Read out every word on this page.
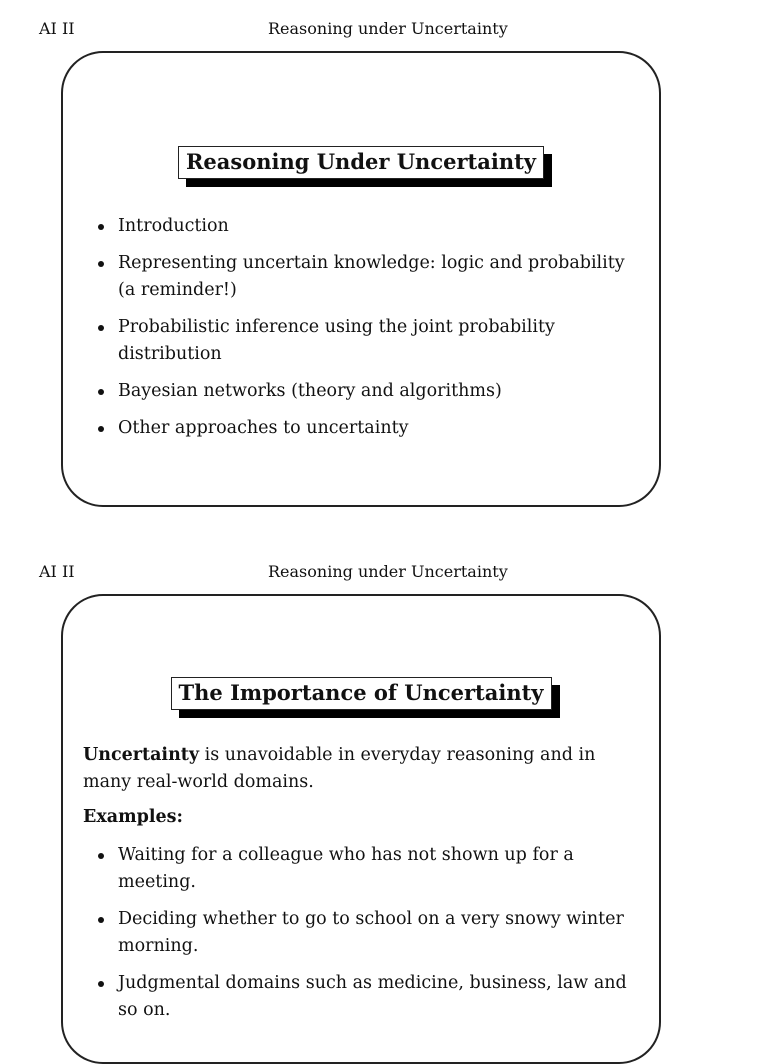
AI II	Reasoning under Uncertainty
Reasoning Under Uncertainty
Introduction
Representing uncertain knowledge: logic and probability (a reminder!)
Probabilistic inference using the joint probability distribution
Bayesian networks (theory and algorithms)
Other approaches to uncertainty
AI II	Reasoning under Uncertainty
The Importance of Uncertainty
Uncertainty is unavoidable in everyday reasoning and in many real-world domains.
Examples:
Waiting for a colleague who has not shown up for a meeting.
Deciding whether to go to school on a very snowy winter morning.
Judgmental domains such as medicine, business, law and so on.
